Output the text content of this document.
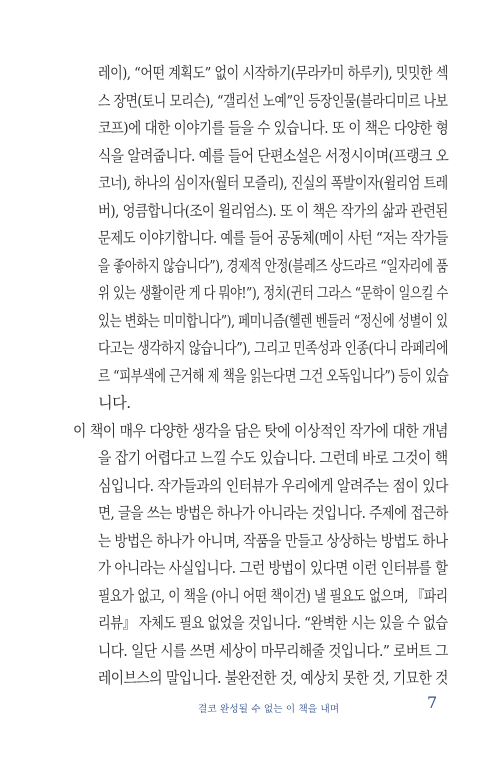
레이), “어떤 계획도” 없이 시작하기(무라카미 하루키), 밋밋한 섹
스 장면(토니 모리슨), “갤리선 노예”인 등장인물(블라디미르 나보
코프)에 대한 이야기를 들을 수 있습니다. 또 이 책은 다양한 형
식을 알려줍니다. 예를 들어 단편소설은 서정시이며(프랭크 오
코너), 하나의 심이자(월터 모즐리), 진실의 폭발이자(윌리엄 트레
버), 엉큼합니다(조이 윌리엄스). 또 이 책은 작가의 삶과 관련된
문제도 이야기합니다. 예를 들어 공동체(메이 사턴 “저는 작가들
을 좋아하지 않습니다”), 경제적 안정(블레즈 상드라르 “일자리에 품
위 있는 생활이란 게 다 뭐야!”), 정치(귄터 그라스 “문학이 일으킬 수
있는 변화는 미미합니다”), 페미니즘(헬렌 벤들러 “정신에 성별이 있
다고는 생각하지 않습니다”), 그리고 민족성과 인종(다니 라페리에
르 “피부색에 근거해 제 책을 읽는다면 그건 오독입니다”) 등이 있습
니다.
이 책이 매우 다양한 생각을 담은 탓에 이상적인 작가에 대한 개념
을 잡기 어렵다고 느낄 수도 있습니다. 그런데 바로 그것이 핵
심입니다. 작가들과의 인터뷰가 우리에게 알려주는 점이 있다
면, 글을 쓰는 방법은 하나가 아니라는 것입니다. 주제에 접근하
는 방법은 하나가 아니며, 작품을 만들고 상상하는 방법도 하나
가 아니라는 사실입니다. 그런 방법이 있다면 이런 인터뷰를 할
필요가 없고, 이 책을 (아니 어떤 책이건) 낼 필요도 없으며, 『파리
리뷰』 자체도 필요 없었을 것입니다. “완벽한 시는 있을 수 없습
니다. 일단 시를 쓰면 세상이 마무리해줄 것입니다.” 로버트 그
레이브스의 말입니다. 불완전한 것, 예상치 못한 것, 기묘한 것
결코 완성될 수 없는 이 책을 내며	7
